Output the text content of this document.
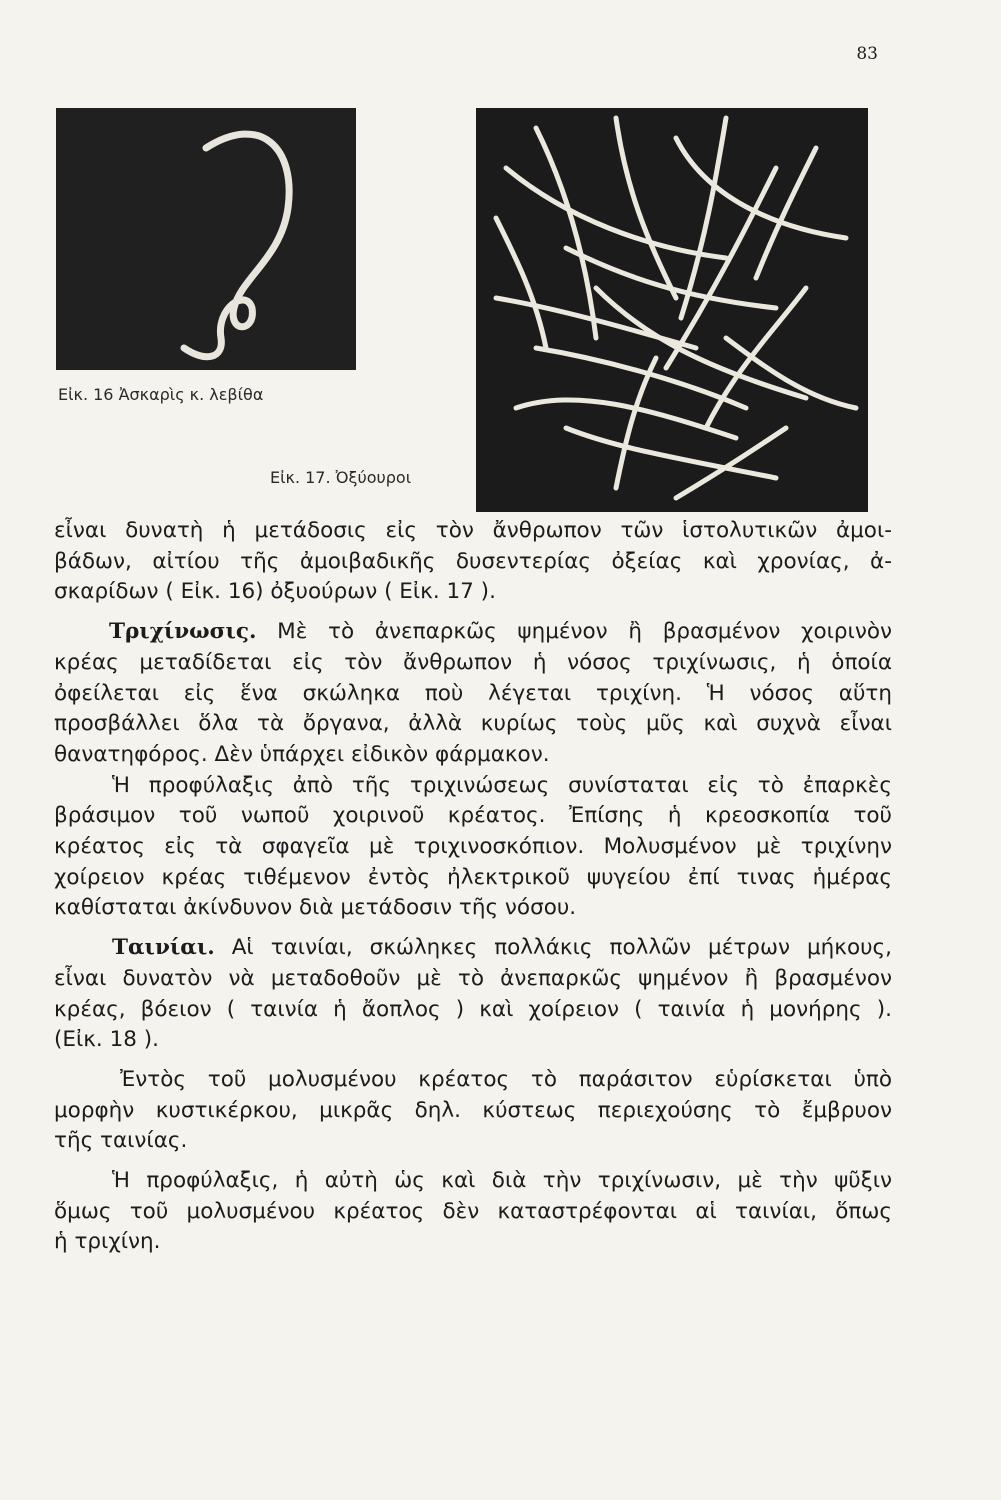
83
Εἰκ. 16 Ἀσκαρὶς κ. λεβίθα
Εἰκ. 17. Ὀξύουροι

εἶναι δυνατὴ ἡ μετάδοσις εἰς τὸν ἄνθρωπον τῶν ἱστολυτικῶν ἀμοι-
βάδων, αἰτίου τῆς ἀμοιβαδικῆς δυσεντερίας ὀξείας καὶ χρονίας, ἀ-
σκαρίδων ( Εἰκ. 16) ὀξυούρων ( Εἰκ. 17 ).

Τριχίνωσις. Μὲ τὸ ἀνεπαρκῶς ψημένον ἢ βρασμένον χοιρινὸν
κρέας μεταδίδεται εἰς τὸν ἄνθρωπον ἡ νόσος τριχίνωσις, ἡ ὁποία
ὀφείλεται εἰς ἕνα σκώληκα ποὺ λέγεται τριχίνη. Ἡ νόσος αὕτη
προσβάλλει ὅλα τὰ ὄργανα, ἀλλὰ κυρίως τοὺς μῦς καὶ συχνὰ εἶναι
θανατηφόρος. Δὲν ὑπάρχει εἰδικὸν φάρμακον.

Ἡ προφύλαξις ἀπὸ τῆς τριχινώσεως συνίσταται εἰς τὸ ἐπαρκὲς
βράσιμον τοῦ νωποῦ χοιρινοῦ κρέατος. Ἐπίσης ἡ κρεοσκοπία τοῦ
κρέατος εἰς τὰ σφαγεῖα μὲ τριχινοσκόπιον. Μολυσμένον μὲ τριχίνην
χοίρειον κρέας τιθέμενον ἐντὸς ἠλεκτρικοῦ ψυγείου ἐπί τινας ἡμέρας
καθίσταται ἀκίνδυνον διὰ μετάδοσιν τῆς νόσου.

Ταινίαι. Αἱ ταινίαι, σκώληκες πολλάκις πολλῶν μέτρων μήκους,
εἶναι δυνατὸν νὰ μεταδοθοῦν μὲ τὸ ἀνεπαρκῶς ψημένον ἢ βρασμένον
κρέας, βόειον ( ταινία ἡ ἄοπλος ) καὶ χοίρειον ( ταινία ἡ μονήρης ).
(Εἰκ. 18 ).

Ἐντὸς τοῦ μολυσμένου κρέατος τὸ παράσιτον εὑρίσκεται ὑπὸ
μορφὴν κυστικέρκου, μικρᾶς δηλ. κύστεως περιεχούσης τὸ ἔμβρυον
τῆς ταινίας.

Ἡ προφύλαξις, ἡ αὐτὴ ὡς καὶ διὰ τὴν τριχίνωσιν, μὲ τὴν ψῦξιν
ὅμως τοῦ μολυσμένου κρέατος δὲν καταστρέφονται αἱ ταινίαι, ὅπως
ἡ τριχίνη.
